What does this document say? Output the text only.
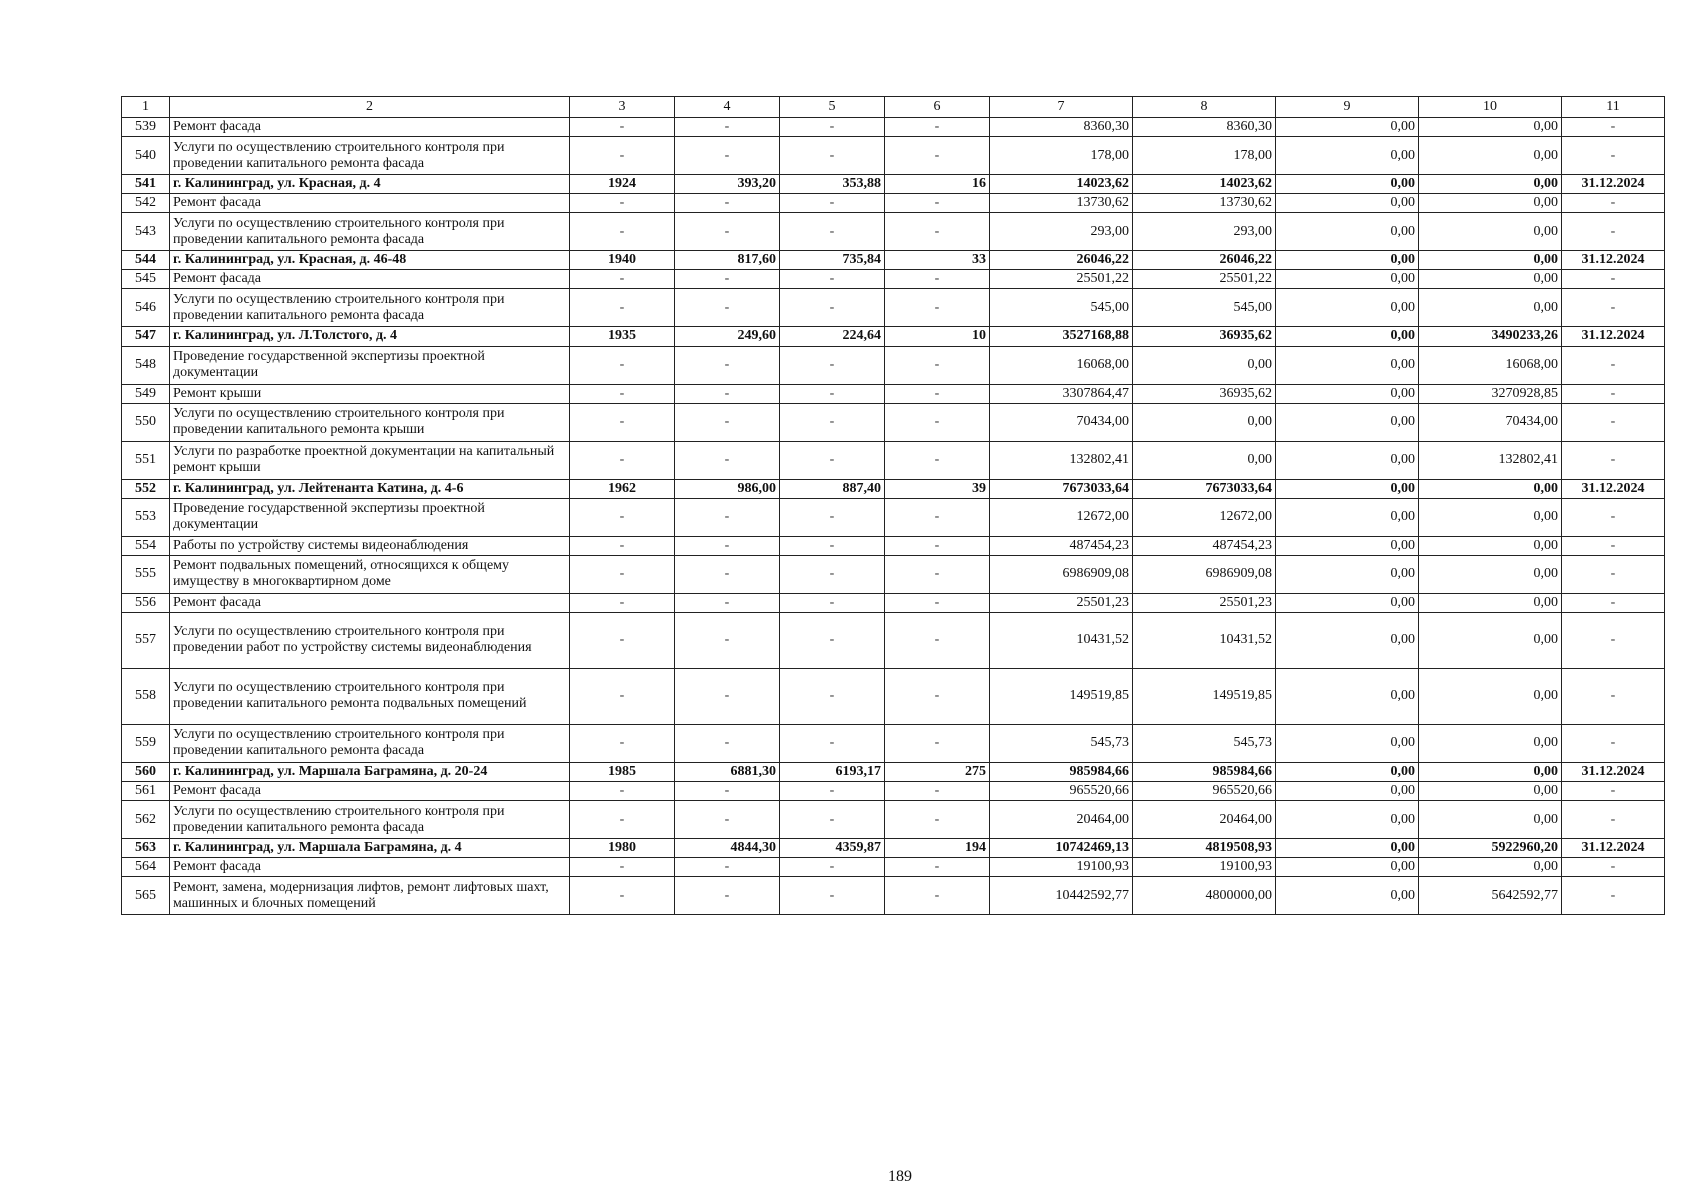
1	2	3	4	5	6	7	8	9	10	11
539	Ремонт фасада	-	-	-	-	8360,30	8360,30	0,00	0,00	-
540	Услуги по осуществлению строительного контроля при проведении капитального ремонта фасада	-	-	-	-	178,00	178,00	0,00	0,00	-
541	г. Калининград, ул. Красная, д. 4	1924	393,20	353,88	16	14023,62	14023,62	0,00	0,00	31.12.2024
542	Ремонт фасада	-	-	-	-	13730,62	13730,62	0,00	0,00	-
543	Услуги по осуществлению строительного контроля при проведении капитального ремонта фасада	-	-	-	-	293,00	293,00	0,00	0,00	-
544	г. Калининград, ул. Красная, д. 46-48	1940	817,60	735,84	33	26046,22	26046,22	0,00	0,00	31.12.2024
545	Ремонт фасада	-	-	-	-	25501,22	25501,22	0,00	0,00	-
546	Услуги по осуществлению строительного контроля при проведении капитального ремонта фасада	-	-	-	-	545,00	545,00	0,00	0,00	-
547	г. Калининград, ул. Л.Толстого, д. 4	1935	249,60	224,64	10	3527168,88	36935,62	0,00	3490233,26	31.12.2024
548	Проведение государственной экспертизы проектной документации	-	-	-	-	16068,00	0,00	0,00	16068,00	-
549	Ремонт крыши	-	-	-	-	3307864,47	36935,62	0,00	3270928,85	-
550	Услуги по осуществлению строительного контроля при проведении капитального ремонта крыши	-	-	-	-	70434,00	0,00	0,00	70434,00	-
551	Услуги по разработке проектной документации на капитальный ремонт крыши	-	-	-	-	132802,41	0,00	0,00	132802,41	-
552	г. Калининград, ул. Лейтенанта Катина, д. 4-6	1962	986,00	887,40	39	7673033,64	7673033,64	0,00	0,00	31.12.2024
553	Проведение государственной экспертизы проектной документации	-	-	-	-	12672,00	12672,00	0,00	0,00	-
554	Работы по устройству системы видеонаблюдения	-	-	-	-	487454,23	487454,23	0,00	0,00	-
555	Ремонт подвальных помещений, относящихся к общему имуществу в многоквартирном доме	-	-	-	-	6986909,08	6986909,08	0,00	0,00	-
556	Ремонт фасада	-	-	-	-	25501,23	25501,23	0,00	0,00	-
557	Услуги по осуществлению строительного контроля при проведении работ по устройству системы видеонаблюдения	-	-	-	-	10431,52	10431,52	0,00	0,00	-
558	Услуги по осуществлению строительного контроля при проведении капитального ремонта подвальных помещений	-	-	-	-	149519,85	149519,85	0,00	0,00	-
559	Услуги по осуществлению строительного контроля при проведении капитального ремонта фасада	-	-	-	-	545,73	545,73	0,00	0,00	-
560	г. Калининград, ул. Маршала Баграмяна, д. 20-24	1985	6881,30	6193,17	275	985984,66	985984,66	0,00	0,00	31.12.2024
561	Ремонт фасада	-	-	-	-	965520,66	965520,66	0,00	0,00	-
562	Услуги по осуществлению строительного контроля при проведении капитального ремонта фасада	-	-	-	-	20464,00	20464,00	0,00	0,00	-
563	г. Калининград, ул. Маршала Баграмяна, д. 4	1980	4844,30	4359,87	194	10742469,13	4819508,93	0,00	5922960,20	31.12.2024
564	Ремонт фасада	-	-	-	-	19100,93	19100,93	0,00	0,00	-
565	Ремонт, замена, модернизация лифтов, ремонт лифтовых шахт, машинных и блочных помещений	-	-	-	-	10442592,77	4800000,00	0,00	5642592,77	-
189
